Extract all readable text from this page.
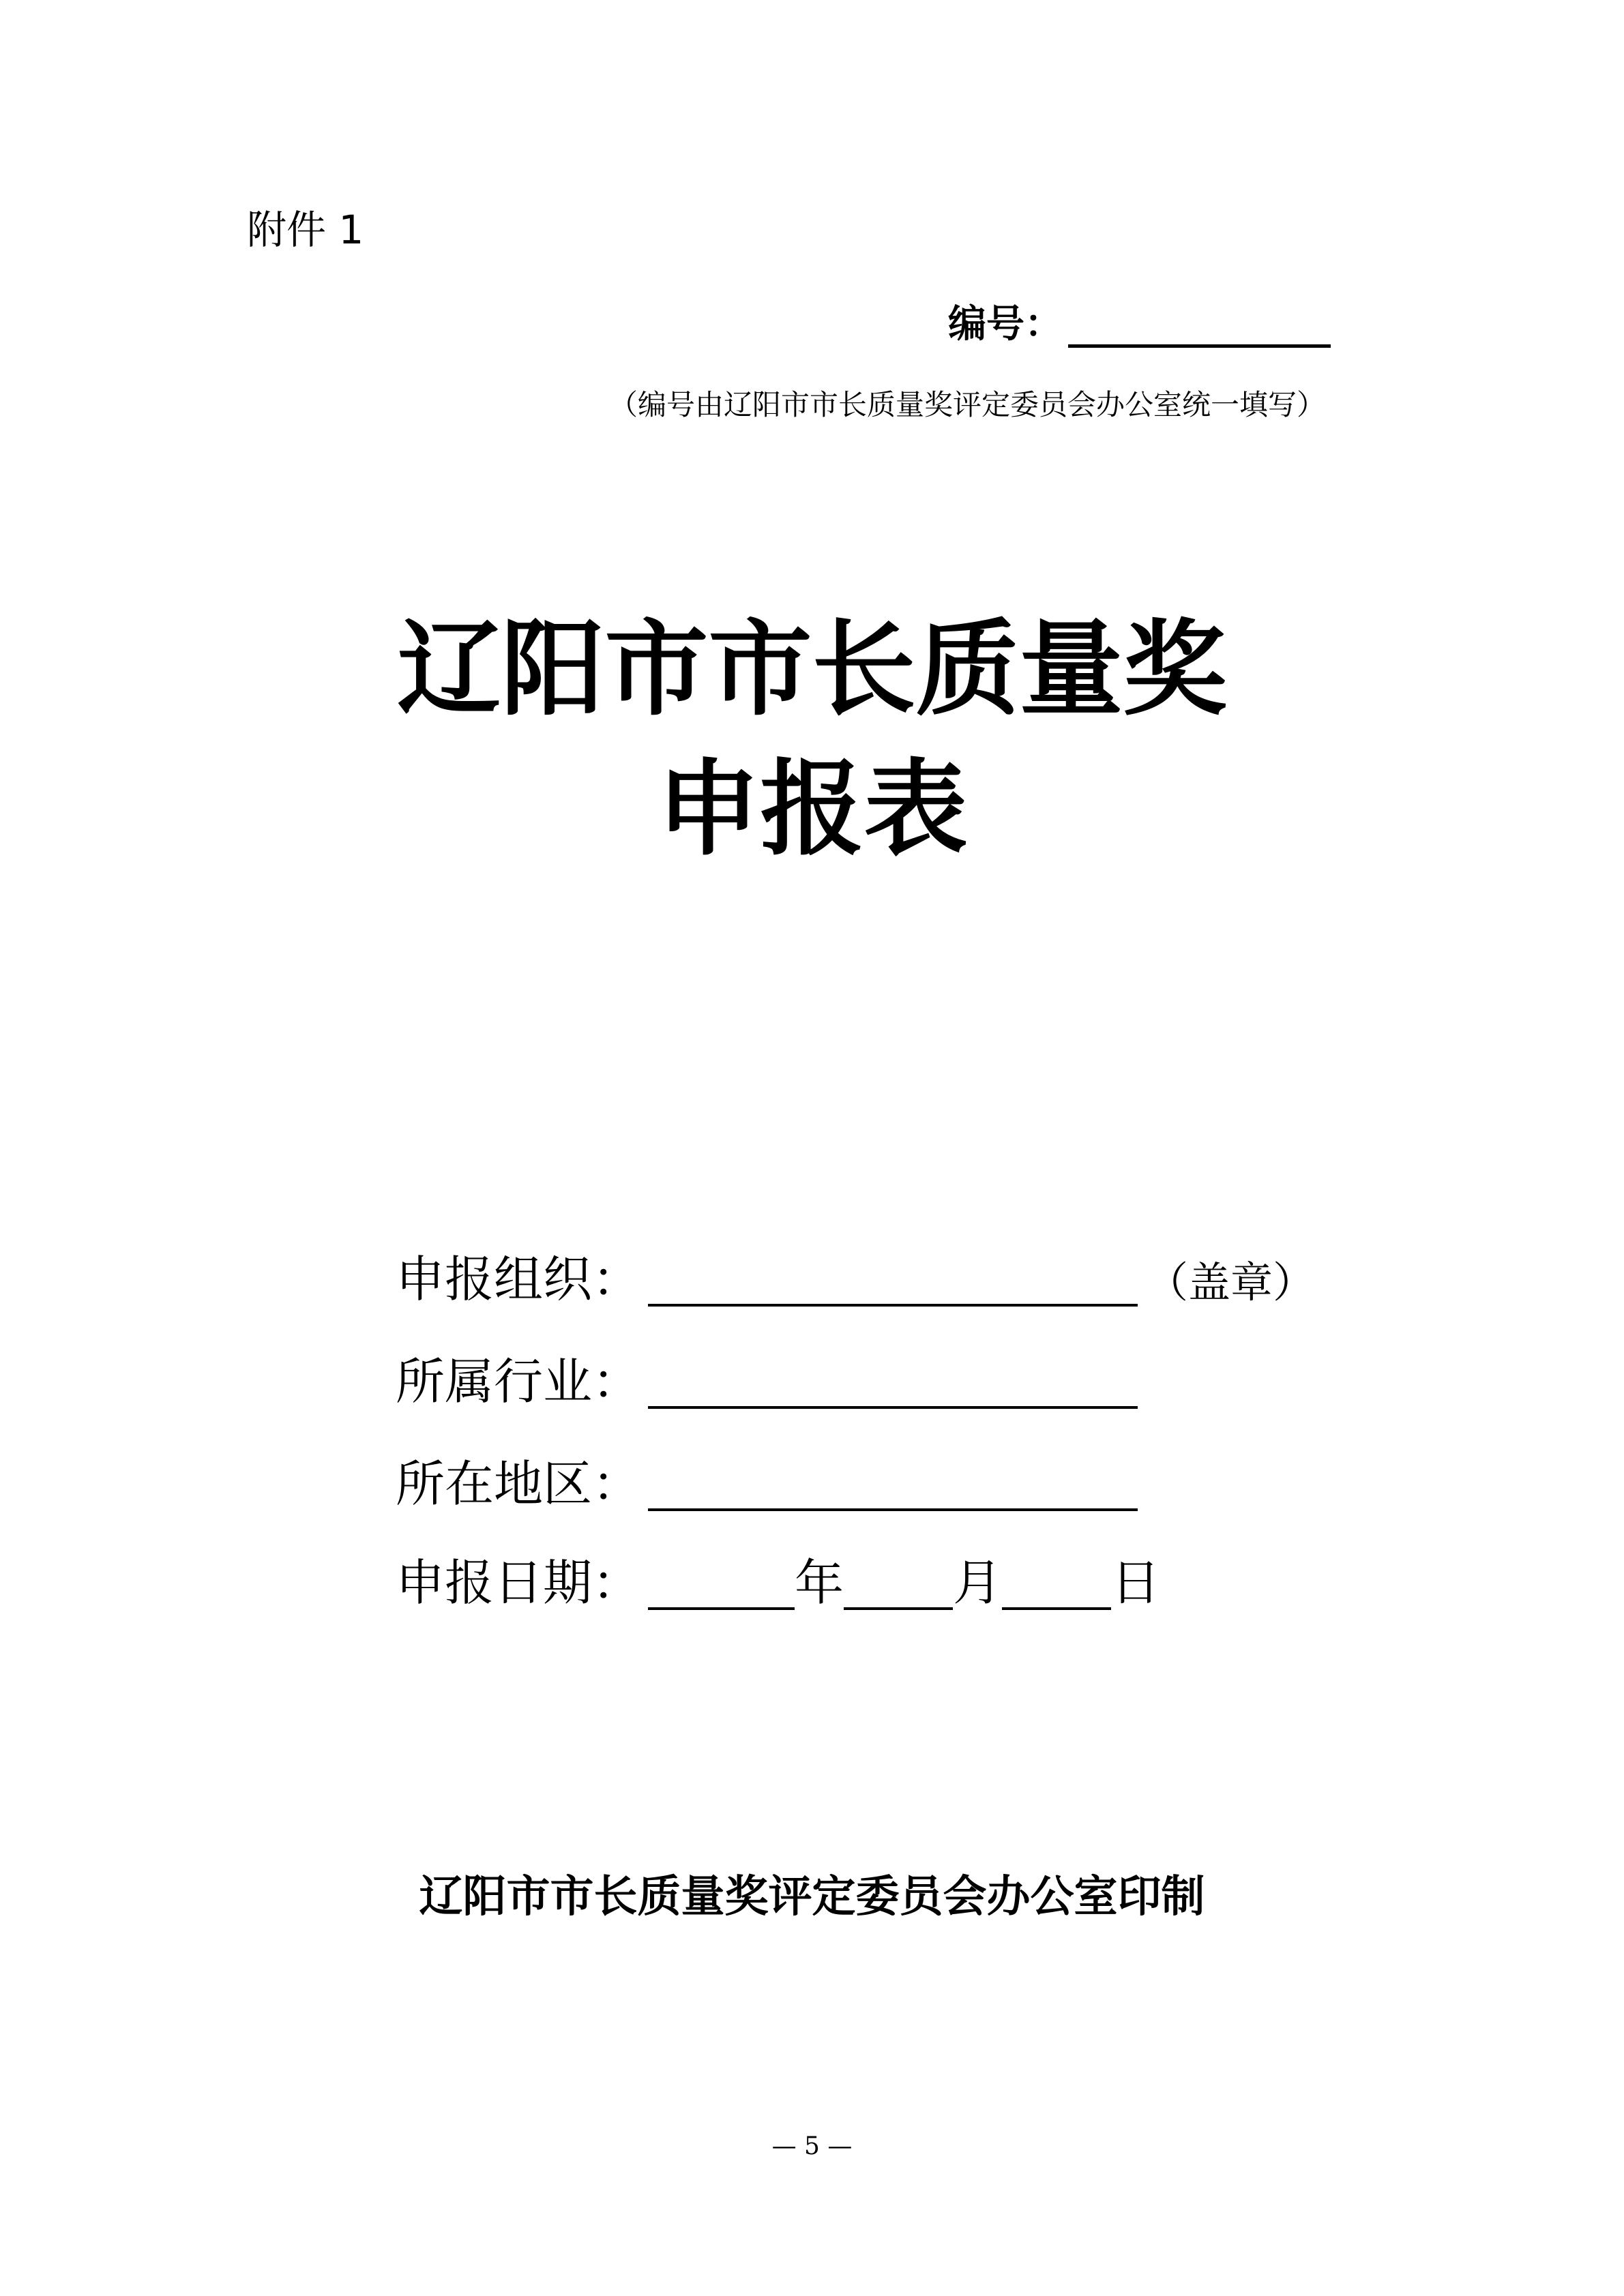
附件 1
编号：
（编号由辽阳市市长质量奖评定委员会办公室统一填写）
辽阳市市长质量奖
申报表
申报组织：	（盖章）
所属行业：
所在地区：
申报日期：	年 月 日
辽阳市市长质量奖评定委员会办公室印制
— 5 —
